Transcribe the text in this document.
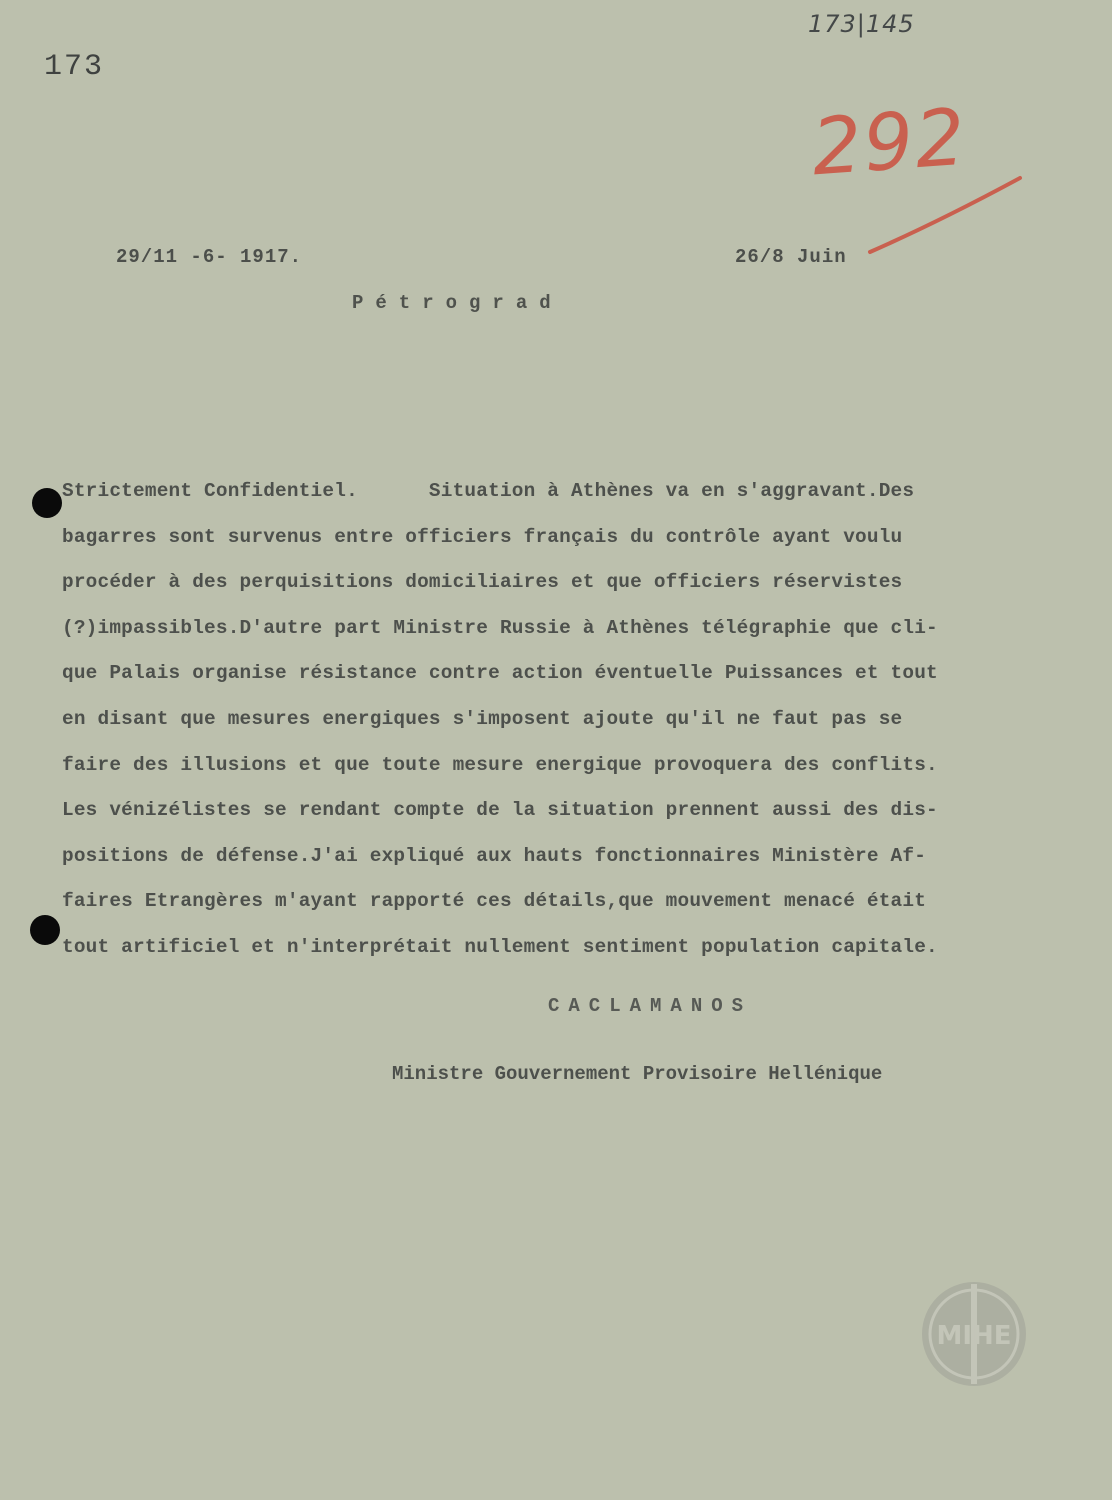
173
173|145
292
29/11 -6- 1917.	26/8 Juin
Pétrograd
Strictement Confidentiel.      Situation à Athènes va en s'aggravant.Des
bagarres sont survenus entre officiers français du contrôle ayant voulu
procéder à des perquisitions domiciliaires et que officiers réservistes
(?)impassibles.D'autre part Ministre Russie à Athènes télégraphie que cli-
que Palais organise résistance contre action éventuelle Puissances et tout
en disant que mesures energiques s'imposent ajoute qu'il ne faut pas se
faire des illusions et que toute mesure energique provoquera des conflits.
Les vénizélistes se rendant compte de la situation prennent aussi des dis-
positions de défense.J'ai expliqué aux hauts fonctionnaires Ministère Af-
faires Etrangères m'ayant rapporté ces détails,que mouvement menacé était
tout artificiel et n'interprétait nullement sentiment population capitale.
CACLAMANOS
Ministre Gouvernement Provisoire Hellénique
MIHE
